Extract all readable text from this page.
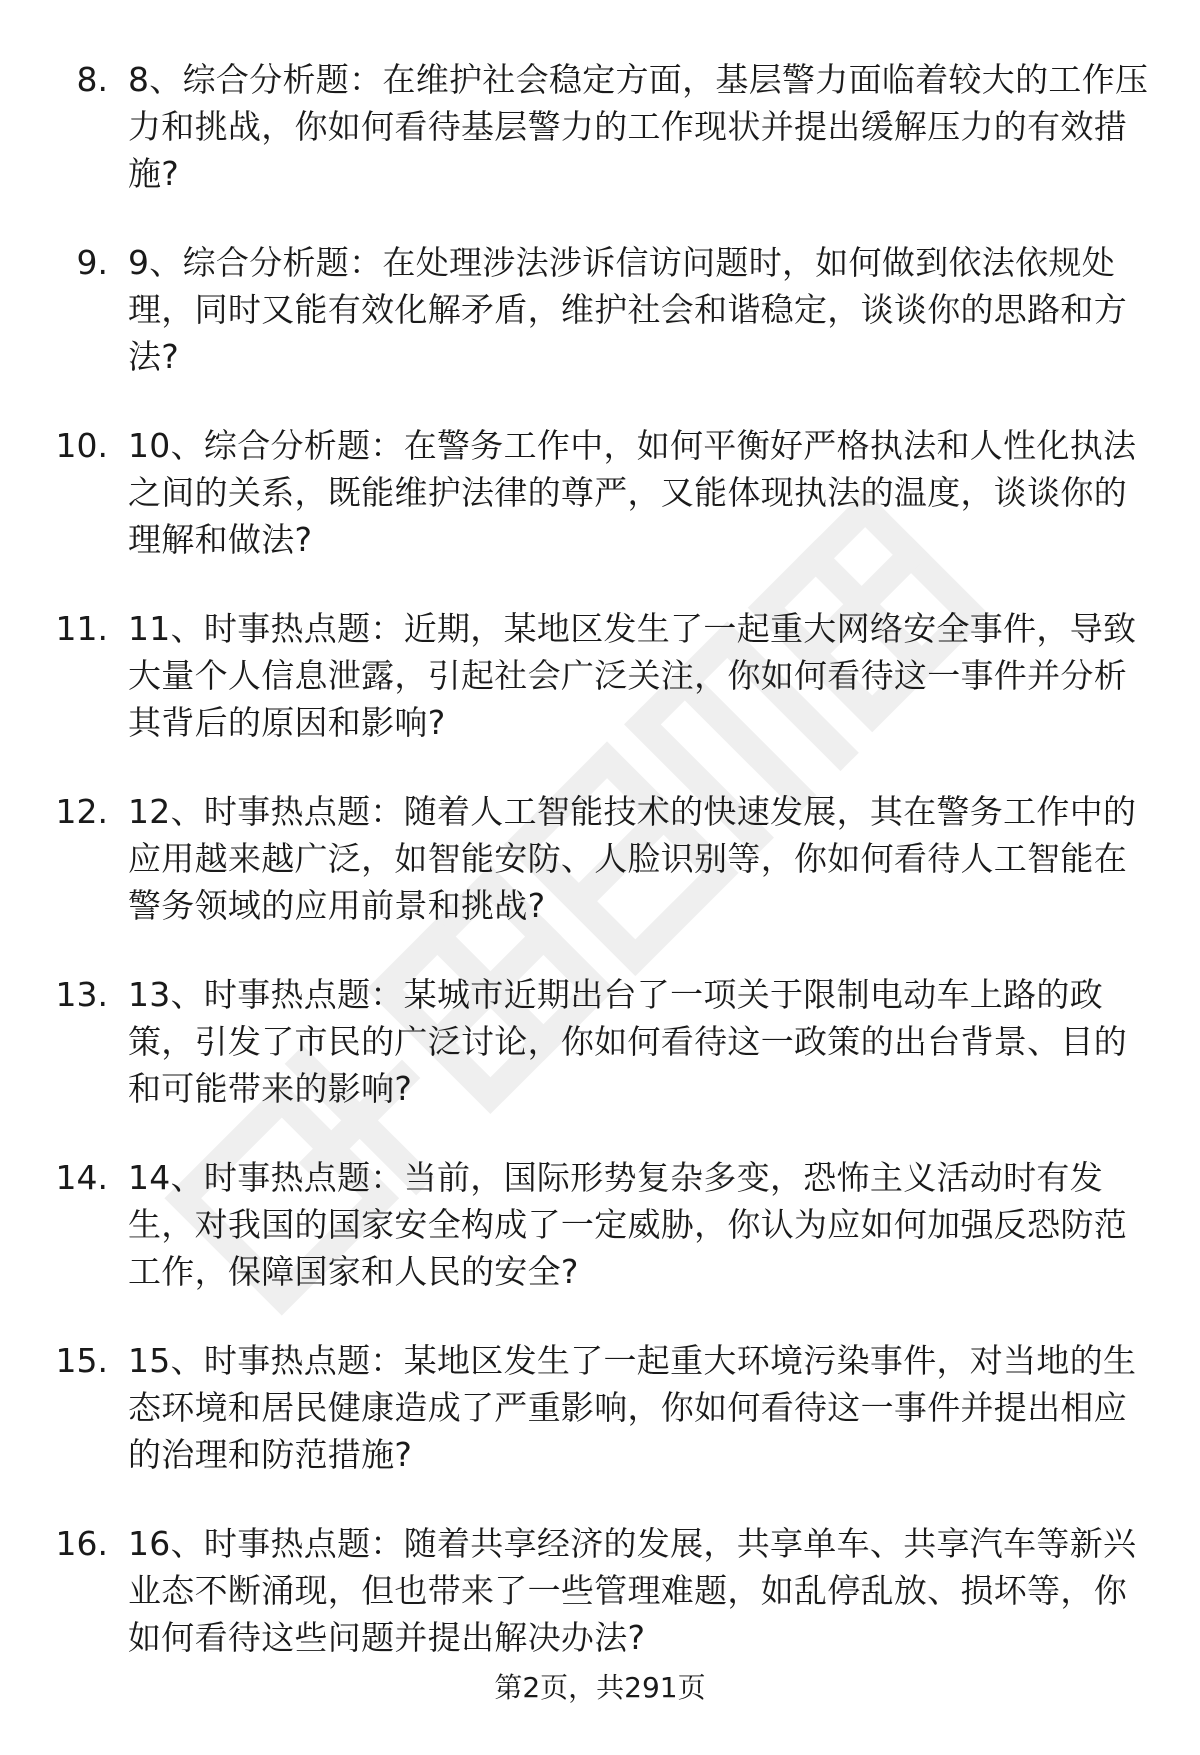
8. 8、综合分析题：在维护社会稳定方面，基层警力面临着较大的工作压力和挑战，你如何看待基层警力的工作现状并提出缓解压力的有效措施?
9. 9、综合分析题：在处理涉法涉诉信访问题时，如何做到依法依规处理，同时又能有效化解矛盾，维护社会和谐稳定，谈谈你的思路和方法?
10. 10、综合分析题：在警务工作中，如何平衡好严格执法和人性化执法之间的关系，既能维护法律的尊严，又能体现执法的温度，谈谈你的理解和做法?
11. 11、时事热点题：近期，某地区发生了一起重大网络安全事件，导致大量个人信息泄露，引起社会广泛关注，你如何看待这一事件并分析其背后的原因和影响?
12. 12、时事热点题：随着人工智能技术的快速发展，其在警务工作中的应用越来越广泛，如智能安防、人脸识别等，你如何看待人工智能在警务领域的应用前景和挑战?
13. 13、时事热点题：某城市近期出台了一项关于限制电动车上路的政策，引发了市民的广泛讨论，你如何看待这一政策的出台背景、目的和可能带来的影响?
14. 14、时事热点题：当前，国际形势复杂多变，恐怖主义活动时有发生，对我国的国家安全构成了一定威胁，你认为应如何加强反恐防范工作，保障国家和人民的安全?
15. 15、时事热点题：某地区发生了一起重大环境污染事件，对当地的生态环境和居民健康造成了严重影响，你如何看待这一事件并提出相应的治理和防范措施?
16. 16、时事热点题：随着共享经济的发展，共享单车、共享汽车等新兴业态不断涌现，但也带来了一些管理难题，如乱停乱放、损坏等，你如何看待这些问题并提出解决办法?
第2页，共291页
